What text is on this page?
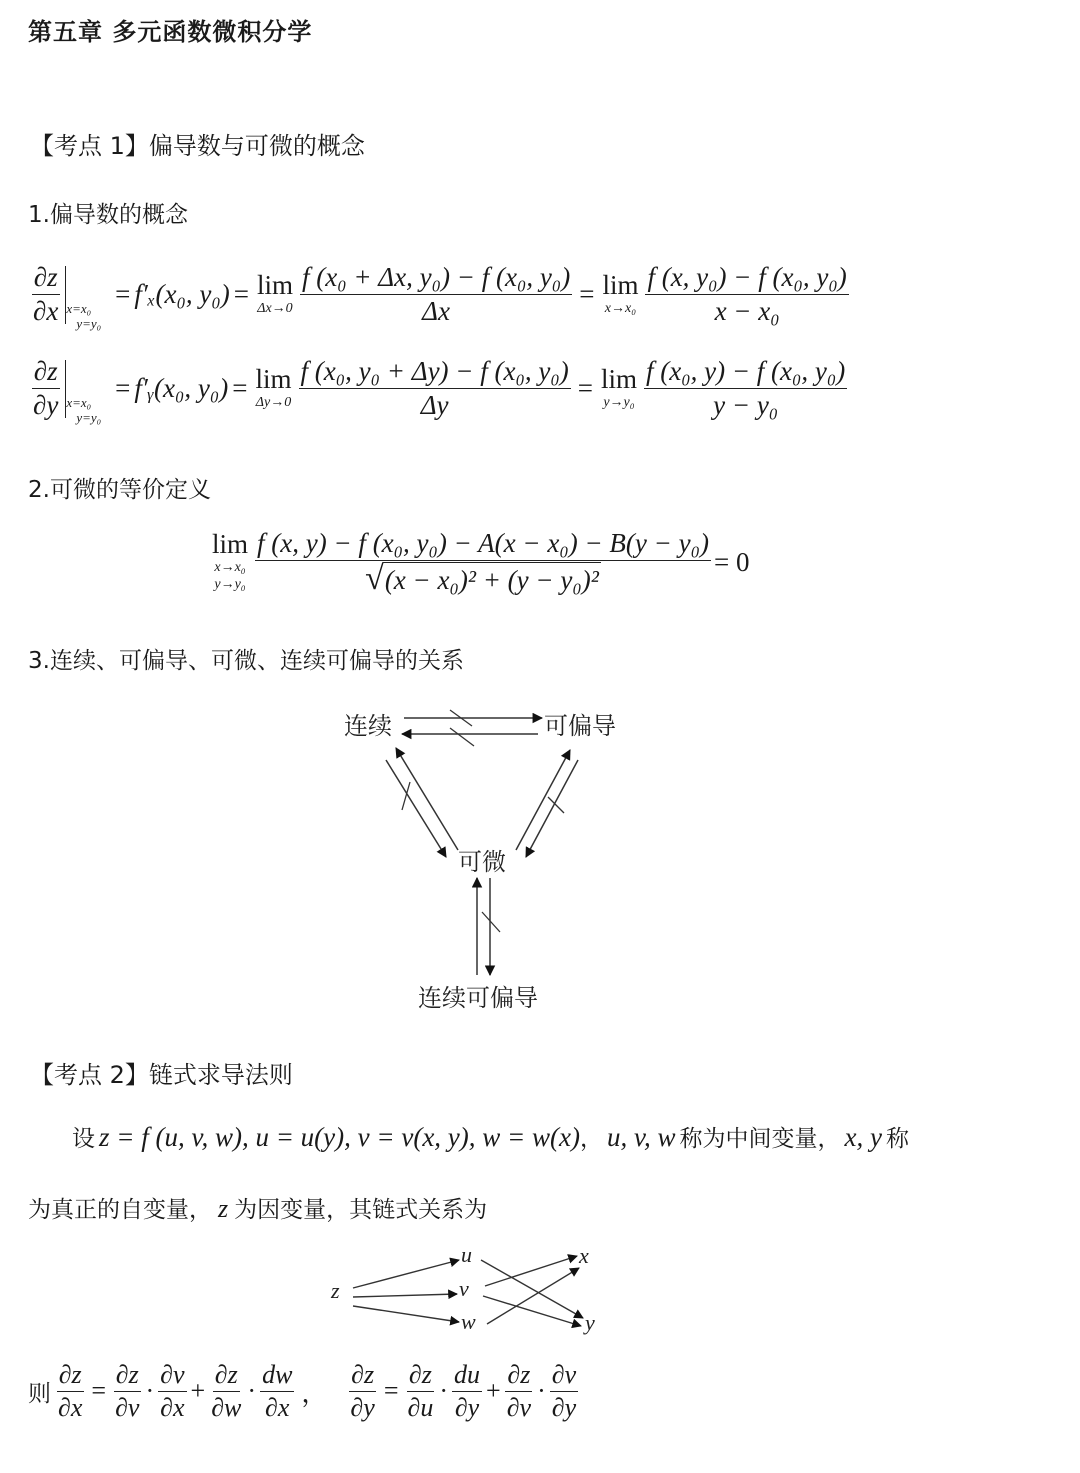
第五章 多元函数微积分学
【考点 1】偏导数与可微的概念
1.偏导数的概念
$\frac{\partial z}{\partial x} x=x_0$
y=y₀
= f′ₓ(x₀, y₀) = lim
$\Delta x\to 0 \frac{\text{f (x₀ + Δx, y₀) − f (x₀, y₀)}}{\Delta x} = \lim$
$x\to x_0 \frac{\text{f (x, y₀) − f (x₀, y₀)}}{\text{x − x₀}}$
$\frac{\partial z}{\partial y} x=x_0$
y=y₀
= f′ᵧ(x₀, y₀) = lim
$\Delta y\to 0 \frac{\text{f (x₀, y₀ + Δy) − f (x₀, y₀)}}{\Delta y} = \lim$
$y\to y_0 \frac{\text{f (x₀, y) − f (x₀, y₀)}}{\text{y − y₀}}$
2.可微的等价定义
lim
x→x₀
$y\to y_0 \frac{\text{f (x, y) − f (x₀, y₀) − A(x − x₀) − B(y − y₀)}}{\text{√ (x − x₀)² + (y − y₀)²}} = 0$
3.连续、可偏导、可微、连续可偏导的关系
连续	可偏导
可微
连续可偏导
【考点 2】链式求导法则
设 z = f (u, v, w), u = u(y), v = v(x, y), w = w(x) ， u, v, w 称为中间变量， x, y 称
为真正的自变量， z 为因变量，其链式关系为
z
u
v
w
x
y
则 $\frac{\partial z}{\partial x} = \frac{\partial z}{\partial v} \cdot \frac{\partial v}{\partial x} + \frac{\partial z}{\partial w} \cdot \frac{dw}{\partial x}$ ， $\frac{\partial z}{\partial y} = \frac{\partial z}{\partial u} \cdot \frac{du}{\partial y} + \frac{\partial z}{\partial v} \cdot \frac{\partial v}{\partial y}$
